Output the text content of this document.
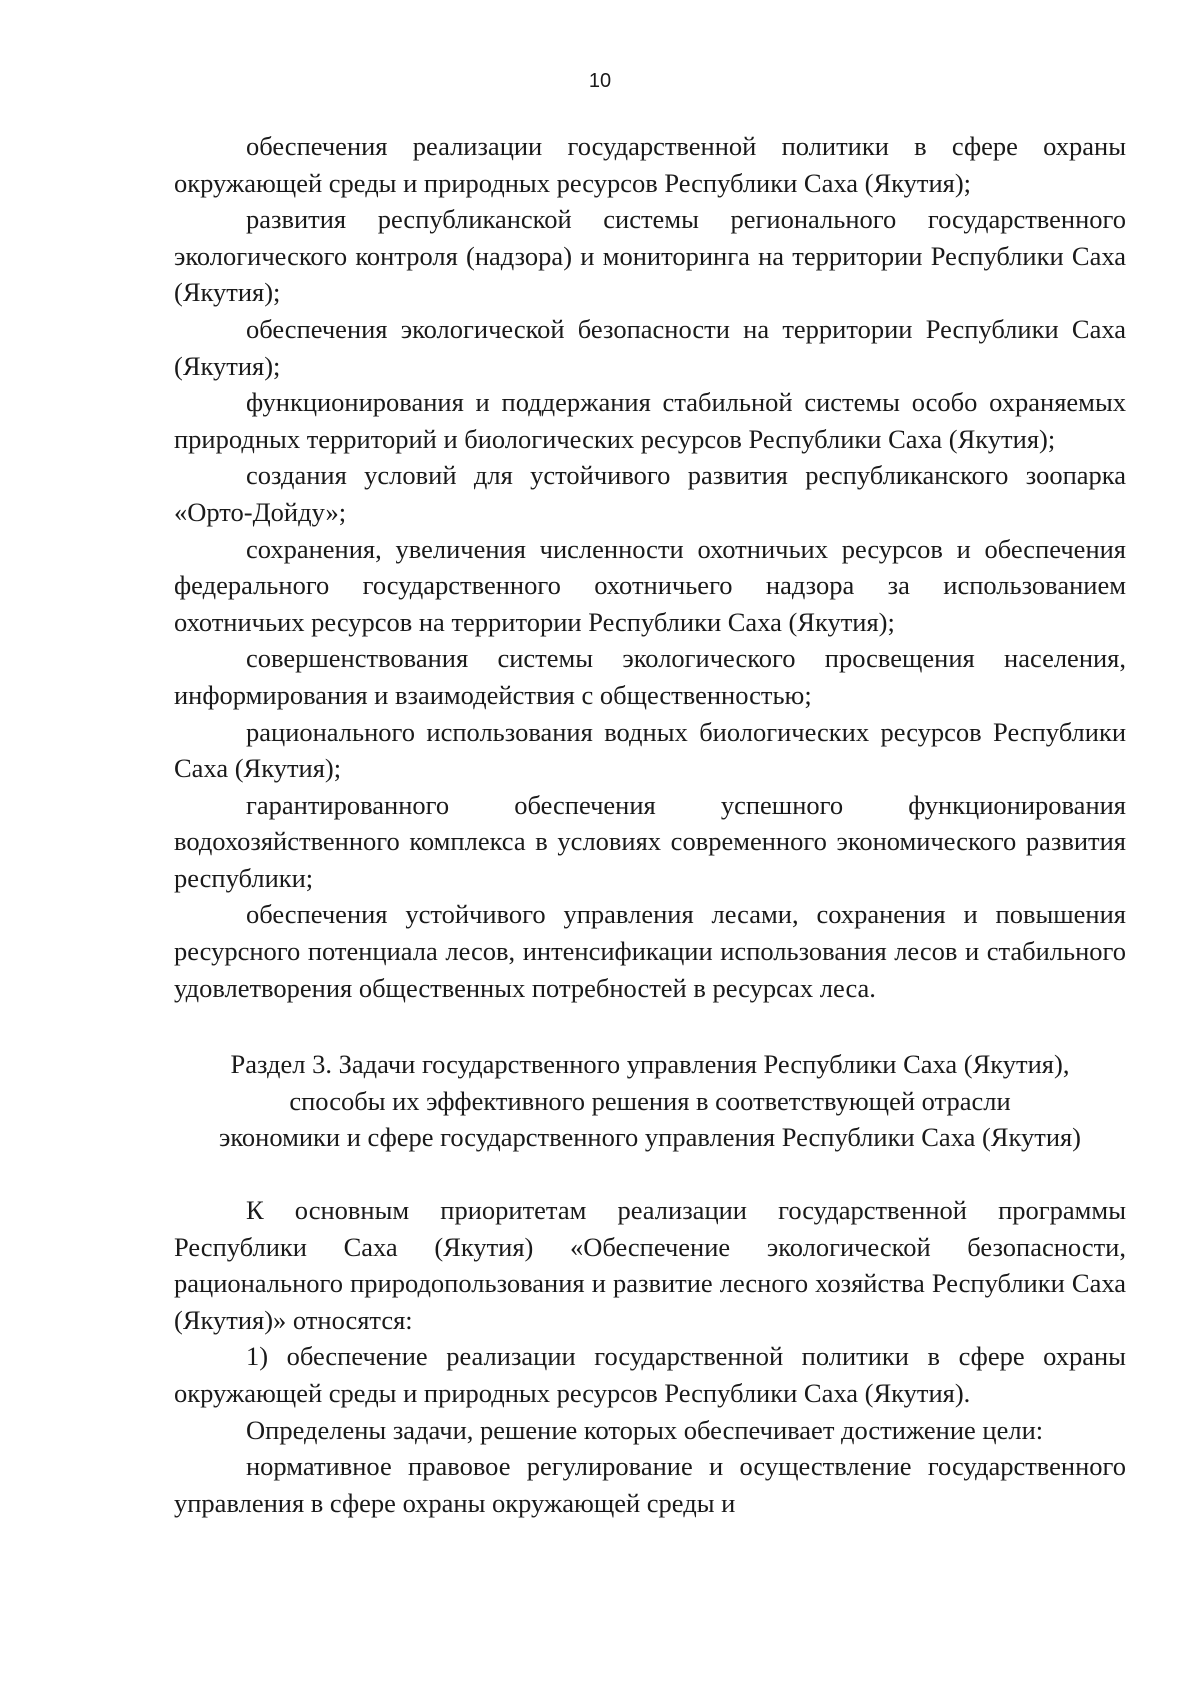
10

обеспечения реализации государственной политики в сфере охраны окружающей среды и природных ресурсов Республики Саха (Якутия);

развития республиканской системы регионального государственного экологического контроля (надзора) и мониторинга на территории Республики Саха (Якутия);

обеспечения экологической безопасности на территории Республики Саха (Якутия);

функционирования и поддержания стабильной системы особо охраняемых природных территорий и биологических ресурсов Республики Саха (Якутия);

создания условий для устойчивого развития республиканского зоопарка «Орто-Дойду»;

сохранения, увеличения численности охотничьих ресурсов и обеспечения федерального государственного охотничьего надзора за использованием охотничьих ресурсов на территории Республики Саха (Якутия);

совершенствования системы экологического просвещения населения, информирования и взаимодействия с общественностью;

рационального использования водных биологических ресурсов Республики Саха (Якутия);

гарантированного обеспечения успешного функционирования водохозяйственного комплекса в условиях современного экономического развития республики;

обеспечения устойчивого управления лесами, сохранения и повышения ресурсного потенциала лесов, интенсификации использования лесов и стабильного удовлетворения общественных потребностей в ресурсах леса.

Раздел 3. Задачи государственного управления Республики Саха (Якутия),
способы их эффективного решения в соответствующей отрасли
экономики и сфере государственного управления Республики Саха (Якутия)

К основным приоритетам реализации государственной программы Республики Саха (Якутия) «Обеспечение экологической безопасности, рационального природопользования и развитие лесного хозяйства Республики Саха (Якутия)» относятся:

1) обеспечение реализации государственной политики в сфере охраны окружающей среды и природных ресурсов Республики Саха (Якутия).

Определены задачи, решение которых обеспечивает достижение цели:

нормативное правовое регулирование и осуществление государственного управления в сфере охраны окружающей среды и
